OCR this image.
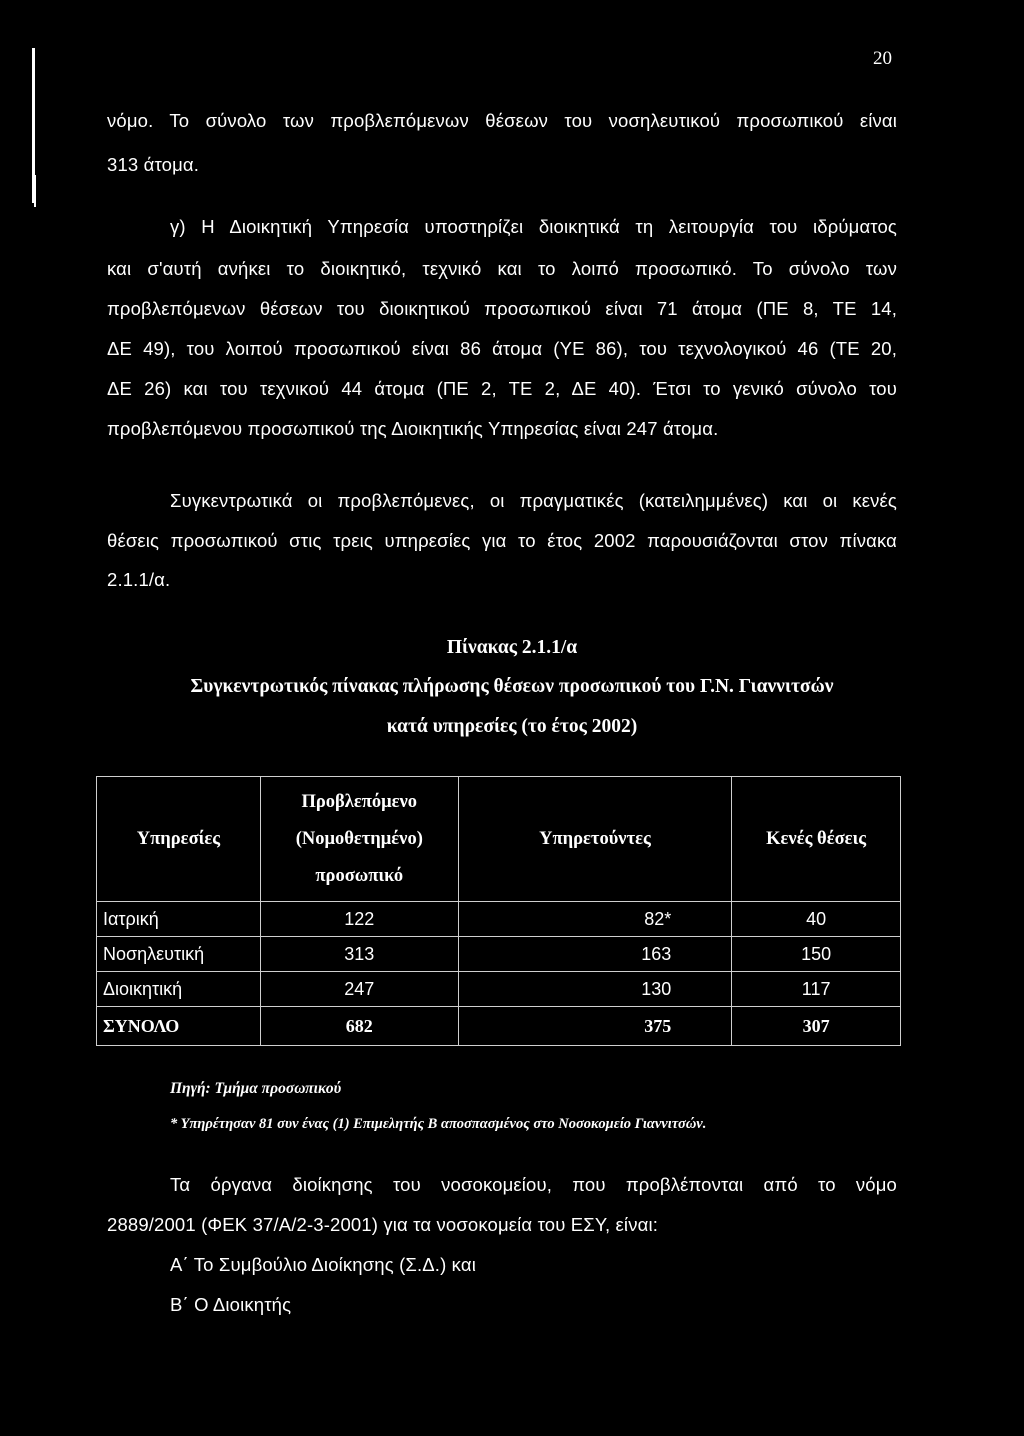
20
νόμο. Το σύνολο των προβλεπόμενων θέσεων του νοσηλευτικού προσωπικού είναι
313 άτομα.
γ) Η Διοικητική Υπηρεσία υποστηρίζει διοικητικά τη λειτουργία του ιδρύματος
και σ'αυτή ανήκει το διοικητικό, τεχνικό και το λοιπό προσωπικό. Το σύνολο των
προβλεπόμενων θέσεων του διοικητικού προσωπικού είναι 71 άτομα (ΠΕ 8, ΤΕ 14,
ΔΕ 49), του λοιπού προσωπικού είναι 86 άτομα (ΥΕ 86), του τεχνολογικού 46 (ΤΕ 20,
ΔΕ 26) και του τεχνικού 44 άτομα (ΠΕ 2, ΤΕ 2, ΔΕ 40). Έτσι το γενικό σύνολο του
προβλεπόμενου προσωπικού της Διοικητικής Υπηρεσίας είναι 247 άτομα.
Συγκεντρωτικά οι προβλεπόμενες, οι πραγματικές (κατειλημμένες) και οι κενές
θέσεις προσωπικού στις τρεις υπηρεσίες για το έτος 2002 παρουσιάζονται στον πίνακα
2.1.1/α.
Πίνακας 2.1.1/α
Συγκεντρωτικός πίνακας πλήρωσης θέσεων προσωπικού του Γ.Ν. Γιαννιτσών
κατά υπηρεσίες (το έτος 2002)
Υπηρεσίες	Προβλεπόμενο
(Νομοθετημένο)
προσωπικό	Υπηρετούντες	Κενές θέσεις
Ιατρική	122	82*	40
Νοσηλευτική	313	163	150
Διοικητική	247	130	117
ΣΥΝΟΛΟ	682	375	307
Πηγή: Τμήμα προσωπικού
* Υπηρέτησαν 81 συν ένας (1) Επιμελητής Β αποσπασμένος στο Νοσοκομείο Γιαννιτσών.
Τα όργανα διοίκησης του νοσοκομείου, που προβλέπονται από το νόμο
2889/2001 (ΦΕΚ 37/Α/2-3-2001) για τα νοσοκομεία του ΕΣΥ, είναι:
Α΄ Το Συμβούλιο Διοίκησης (Σ.Δ.) και
Β΄ Ο Διοικητής
